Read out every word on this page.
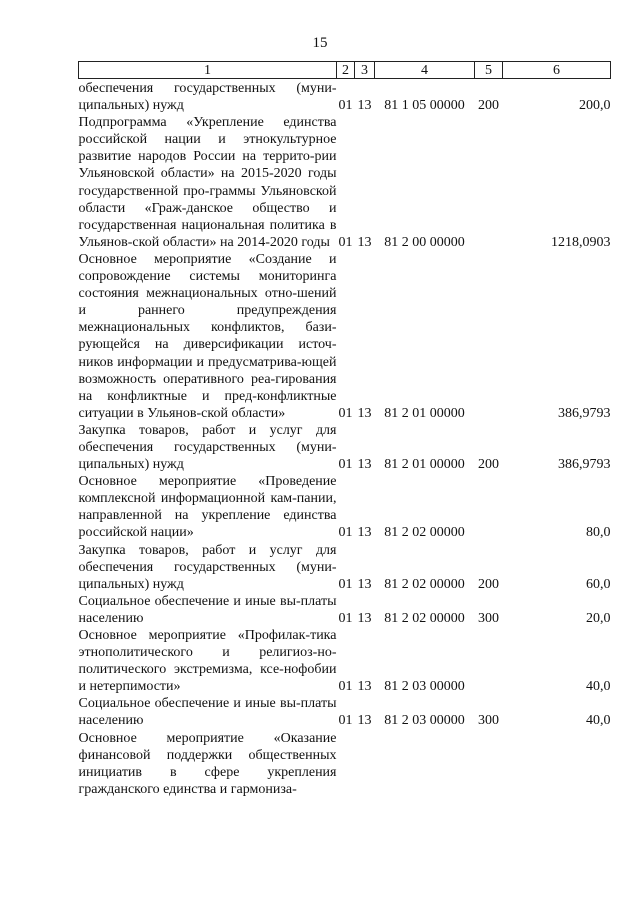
15
1	2	3	4	5	6
обеспечения государственных (муни-ципальных) нужд	01	13	81 1 05 00000	200	200,0
Подпрограмма «Укрепление единства российской нации и этнокультурное развитие народов России на террито-рии Ульяновской области» на 2015-2020 годы государственной про-граммы Ульяновской области «Граж-данское общество и государственная национальная политика в Ульянов-ской области» на 2014-2020 годы	01	13	81 2 00 00000		1218,0903
Основное мероприятие «Создание и сопровождение системы мониторинга состояния межнациональных отно-шений и раннего предупреждения межнациональных конфликтов, бази-рующейся на диверсификации источ-ников информации и предусматрива-ющей возможность оперативного реа-гирования на конфликтные и пред-конфликтные ситуации в Ульянов-ской области»	01	13	81 2 01 00000		386,9793
Закупка товаров, работ и услуг для обеспечения государственных (муни-ципальных) нужд	01	13	81 2 01 00000	200	386,9793
Основное мероприятие «Проведение комплексной информационной кам-пании, направленной на укрепление единства российской нации»	01	13	81 2 02 00000		80,0
Закупка товаров, работ и услуг для обеспечения государственных (муни-ципальных) нужд	01	13	81 2 02 00000	200	60,0
Социальное обеспечение и иные вы-платы населению	01	13	81 2 02 00000	300	20,0
Основное мероприятие «Профилак-тика этнополитического и религиоз-но-политического экстремизма, ксе-нофобии и нетерпимости»	01	13	81 2 03 00000		40,0
Социальное обеспечение и иные вы-платы населению	01	13	81 2 03 00000	300	40,0
Основное мероприятие «Оказание финансовой поддержки общественных инициатив в сфере укрепления гражданского единства и гармониза-					
